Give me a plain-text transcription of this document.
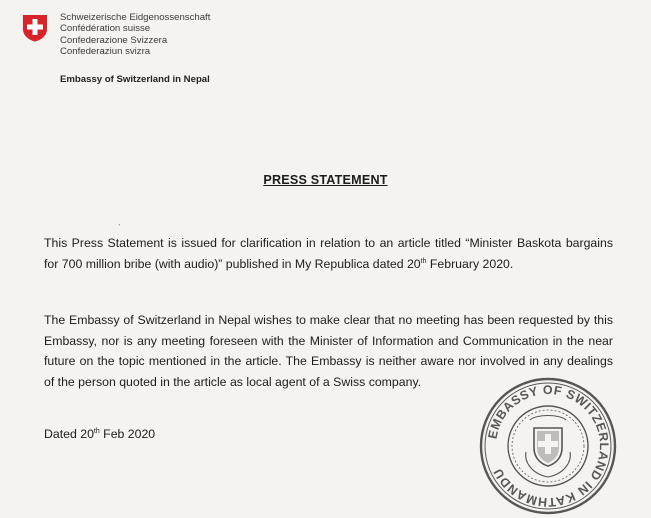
Schweizerische Eidgenossenschaft
Confédération suisse
Confederazione Svizzera
Confederaziun svizra
Embassy of Switzerland in Nepal
PRESS STATEMENT
ˋ

This Press Statement is issued for clarification in relation to an article titled “Minister Baskota bargains for 700 million bribe (with audio)” published in My Republica dated 20th February 2020.

The Embassy of Switzerland in Nepal wishes to make clear that no meeting has been requested by this Embassy, nor is any meeting foreseen with the Minister of Information and Communication in the near future on the topic mentioned in the article. The Embassy is neither aware nor involved in any dealings of the person quoted in the article as local agent of a Swiss company.

Dated 20th Feb 2020	EMBASSY OF SWITZERLAND IN KATHMANDU
